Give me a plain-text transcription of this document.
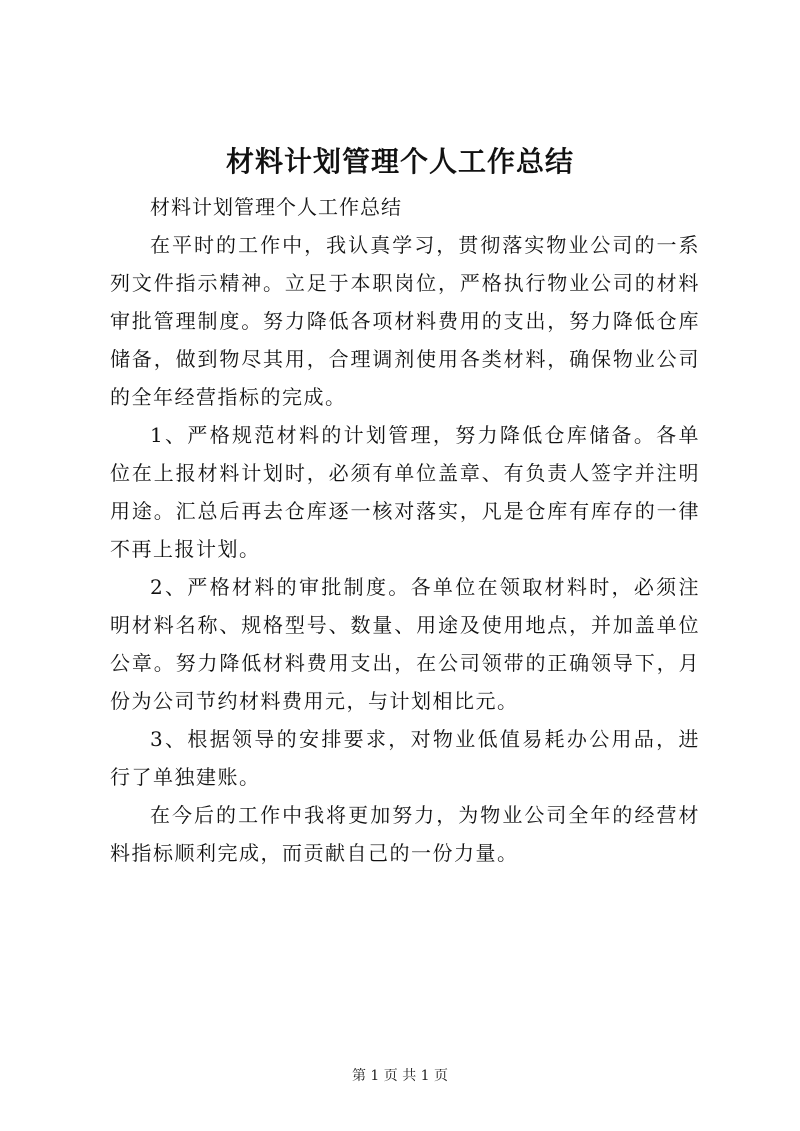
材料计划管理个人工作总结

材料计划管理个人工作总结

在平时的工作中，我认真学习，贯彻落实物业公司的一系列文件指示精神。立足于本职岗位，严格执行物业公司的材料审批管理制度。努力降低各项材料费用的支出，努力降低仓库储备，做到物尽其用，合理调剂使用各类材料，确保物业公司的全年经营指标的完成。

1、严格规范材料的计划管理，努力降低仓库储备。各单位在上报材料计划时，必须有单位盖章、有负责人签字并注明用途。汇总后再去仓库逐一核对落实，凡是仓库有库存的一律不再上报计划。

2、严格材料的审批制度。各单位在领取材料时，必须注明材料名称、规格型号、数量、用途及使用地点，并加盖单位公章。努力降低材料费用支出，在公司领带的正确领导下，月份为公司节约材料费用元，与计划相比元。

3、根据领导的安排要求，对物业低值易耗办公用品，进行了单独建账。

在今后的工作中我将更加努力，为物业公司全年的经营材料指标顺利完成，而贡献自己的一份力量。

第 1 页 共 1 页
